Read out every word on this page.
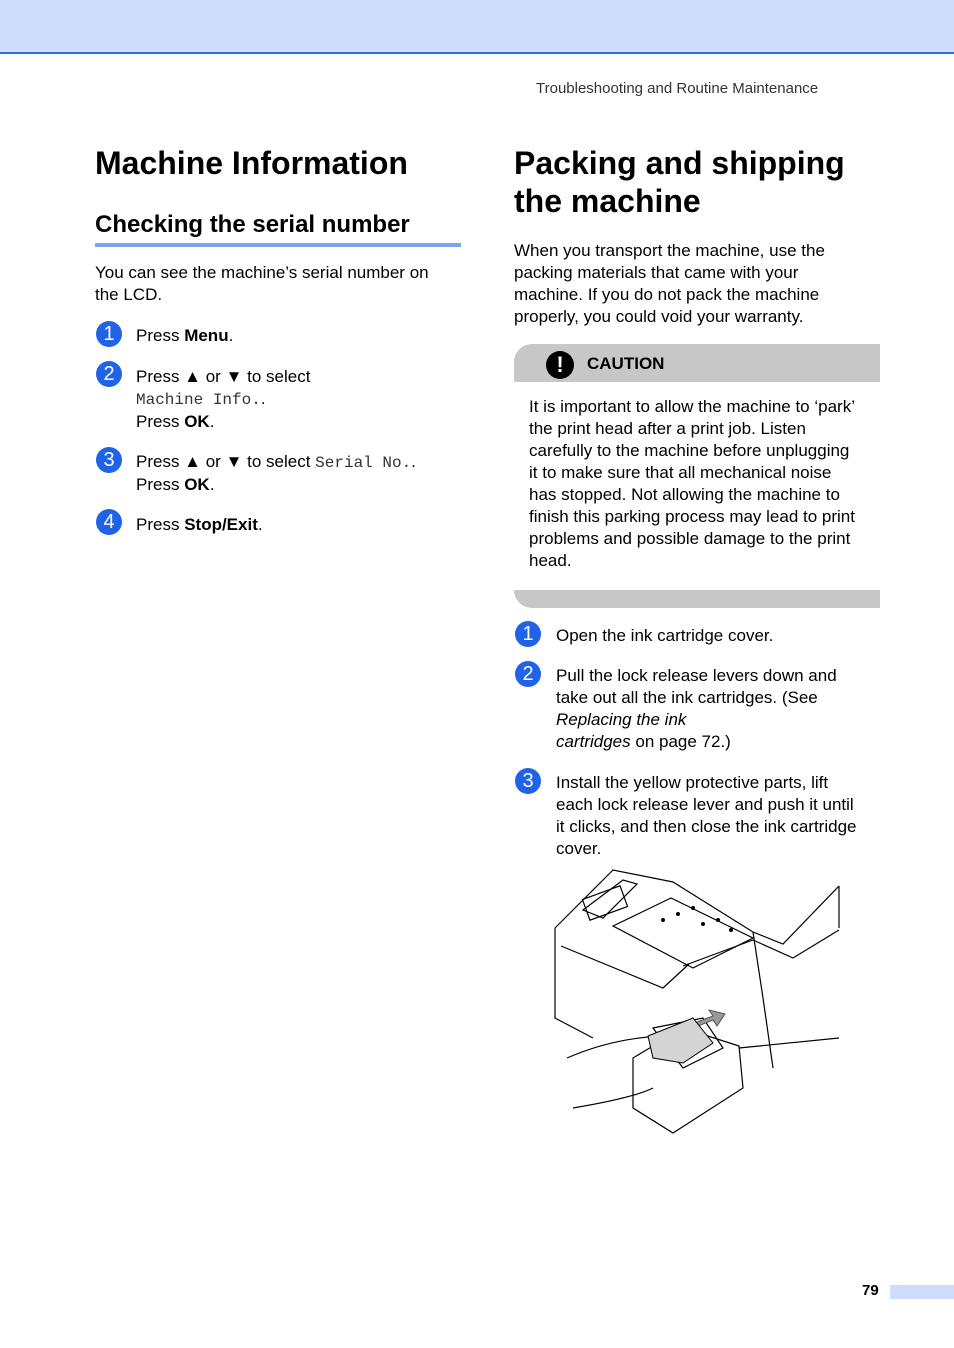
Troubleshooting and Routine Maintenance
Machine Information
Checking the serial number

You can see the machine’s serial number on
the LCD.

1	Press Menu.
2	Press ▲ or ▼ to select
Machine Info..
Press OK.
3	Press ▲ or ▼ to select Serial No..
Press OK.
4	Press Stop/Exit.
Packing and shipping
the machine

When you transport the machine, use the
packing materials that came with your
machine. If you do not pack the machine
properly, you could void your warranty.

!	CAUTION

It is important to allow the machine to ‘park’
the print head after a print job. Listen
carefully to the machine before unplugging
it to make sure that all mechanical noise
has stopped. Not allowing the machine to
finish this parking process may lead to print
problems and possible damage to the print
head.

1	Open the ink cartridge cover.
2	Pull the lock release levers down and
take out all the ink cartridges. (See
Replacing the ink
cartridges on page 72.)
3	Install the yellow protective parts, lift
each lock release lever and push it until
it clicks, and then close the ink cartridge
cover.
79
